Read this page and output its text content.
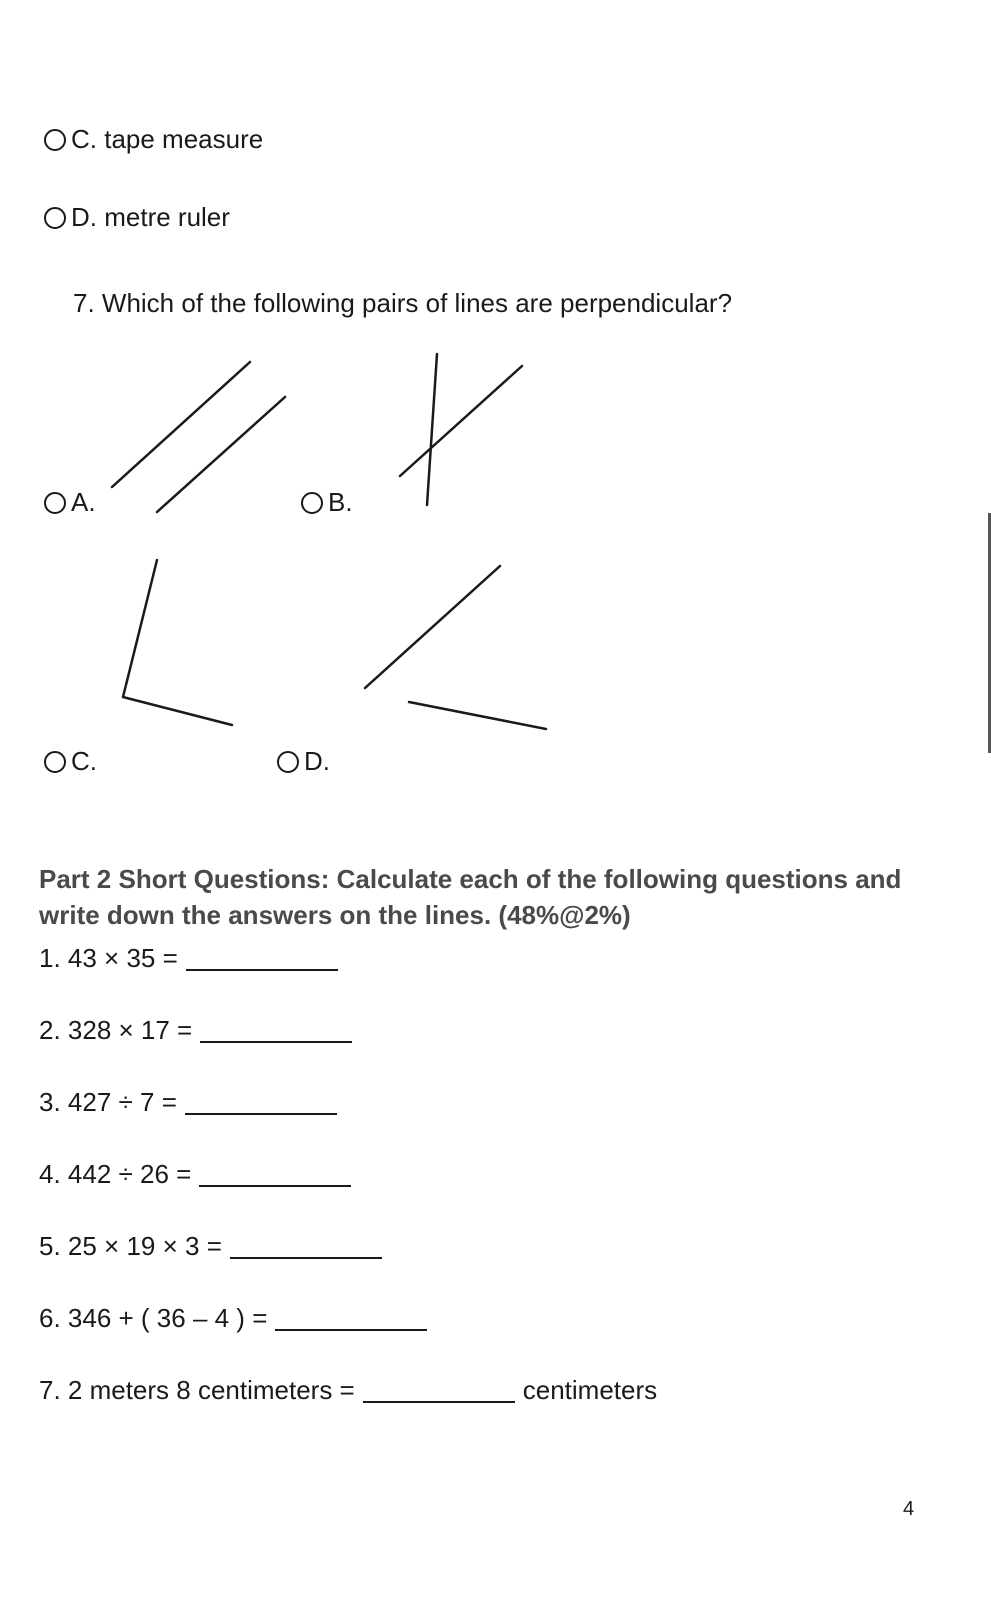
C. tape measure
D. metre ruler
7. Which of the following pairs of lines are perpendicular?
A.	B.
C.	D.
Part 2 Short Questions: Calculate each of the following questions and write down the answers on the lines. (48%@2%)
1. 43 × 35 =
2. 328 × 17 =
3. 427 ÷ 7 =
4. 442 ÷ 26 =
5. 25 × 19 × 3 =
6. 346 + ( 36 – 4 ) =
7. 2 meters 8 centimeters =	centimeters
4
